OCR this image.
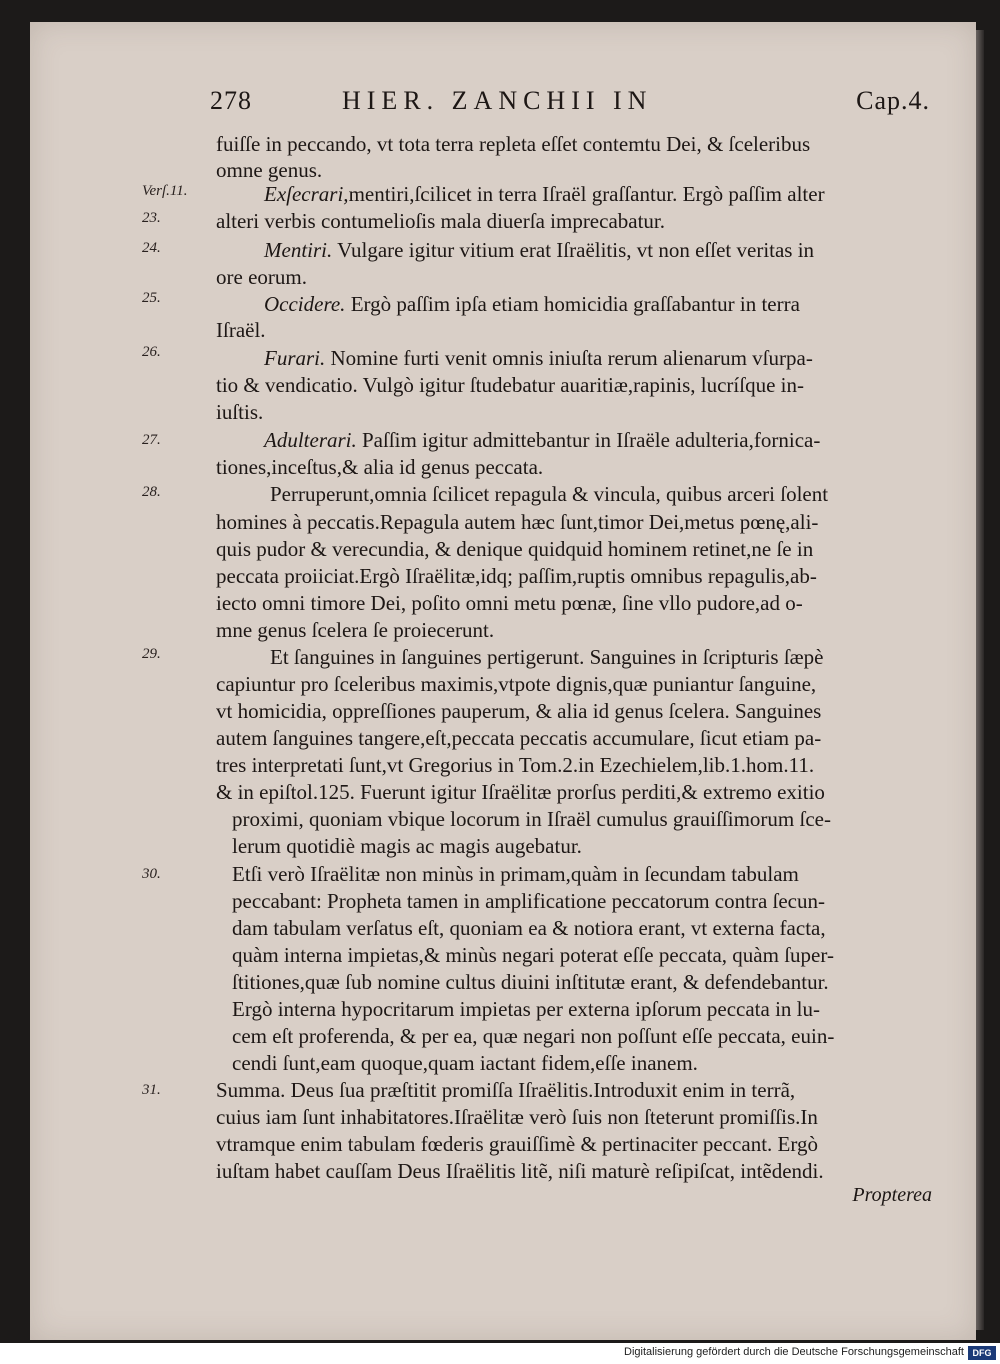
278	HIER. ZANCHII IN	Cap.4.
Verſ.11.
23.
24.
25.
26.
27.
28.
29.
30.
31.
fuiſſe in peccando, vt tota terra repleta eſſet contemtu Dei, & ſceleribus
omne genus.
Exſecrari,mentiri,ſcilicet in terra Iſraël graſſantur. Ergò paſſim alter
alteri verbis contumelioſis mala diuerſa imprecabatur.
Mentiri. Vulgare igitur vitium erat Iſraëlitis, vt non eſſet veritas in
ore eorum.
Occidere. Ergò paſſim ipſa etiam homicidia graſſabantur in terra
Iſraël.
Furari. Nomine furti venit omnis iniuſta rerum alienarum vſurpa-
tio & vendicatio. Vulgò igitur ſtudebatur auaritiæ,rapinis, lucríſque in-
iuſtis.
Adulterari. Paſſim igitur admittebantur in Iſraële adulteria,fornica-
tiones,inceſtus,& alia id genus peccata.
Perruperunt,omnia ſcilicet repagula & vincula, quibus arceri ſolent
homines à peccatis.Repagula autem hæc ſunt,timor Dei,metus pœnę,ali-
quis pudor & verecundia, & denique quidquid hominem retinet,ne ſe in
peccata proiiciat.Ergò Iſraëlitæ,idq; paſſim,ruptis omnibus repagulis,ab-
iecto omni timore Dei, poſito omni metu pœnæ, ſine vllo pudore,ad o-
mne genus ſcelera ſe proiecerunt.
Et ſanguines in ſanguines pertigerunt. Sanguines in ſcripturis ſæpè
capiuntur pro ſceleribus maximis,vtpote dignis,quæ puniantur ſanguine,
vt homicidia, oppreſſiones pauperum, & alia id genus ſcelera. Sanguines
autem ſanguines tangere,eſt,peccata peccatis accumulare, ſicut etiam pa-
tres interpretati ſunt,vt Gregorius in Tom.2.in Ezechielem,lib.1.hom.11.
& in epiſtol.125. Fuerunt igitur Iſraëlitæ prorſus perditi,& extremo exitio
proximi, quoniam vbique locorum in Iſraël cumulus grauiſſimorum ſce-
lerum quotidiè magis ac magis augebatur.
Etſi verò Iſraëlitæ non minùs in primam,quàm in ſecundam tabulam
peccabant: Propheta tamen in amplificatione peccatorum contra ſecun-
dam tabulam verſatus eſt, quoniam ea & notiora erant, vt externa facta,
quàm interna impietas,& minùs negari poterat eſſe peccata, quàm ſuper-
ſtitiones,quæ ſub nomine cultus diuini inſtitutæ erant, & defendebantur.
Ergò interna hypocritarum impietas per externa ipſorum peccata in lu-
cem eſt proferenda, & per ea, quæ negari non poſſunt eſſe peccata, euin-
cendi ſunt,eam quoque,quam iactant fidem,eſſe inanem.
Summa. Deus ſua præſtitit promiſſa Iſraëlitis.Introduxit enim in terrã,
cuius iam ſunt inhabitatores.Iſraëlitæ verò ſuis non ſteterunt promiſſis.In
vtramque enim tabulam fœderis grauiſſimè & pertinaciter peccant. Ergò
iuſtam habet cauſſam Deus Iſraëlitis litẽ, niſi maturè reſipiſcat, intẽdendi.
Propterea
Digitalisierung gefördert durch die Deutsche Forschungsgemeinschaft DFG
